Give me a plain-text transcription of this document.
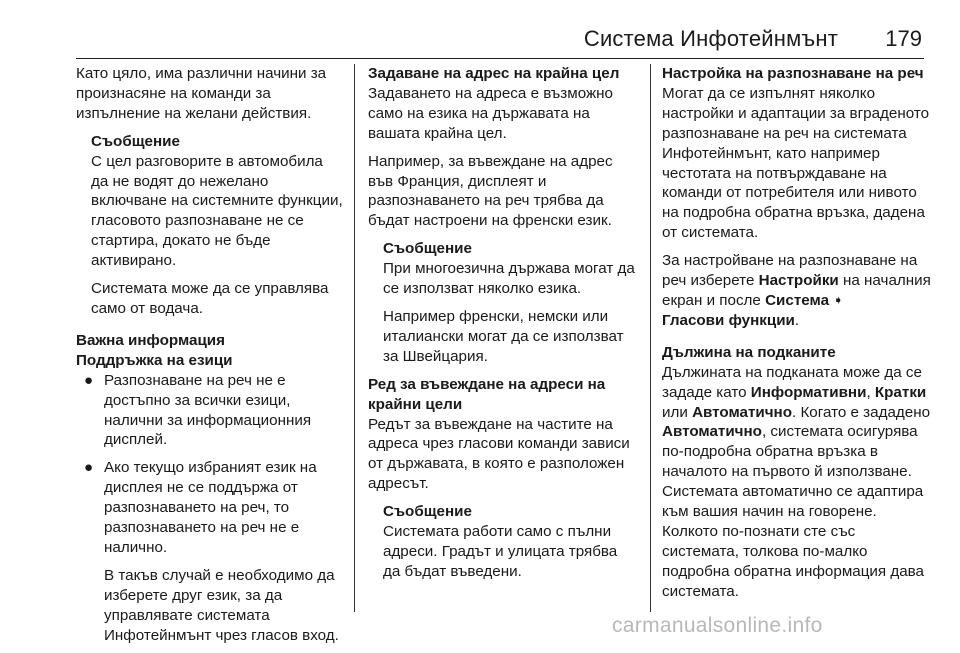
Система Инфотейнмънт 179

Като цяло, има различни начини за произнасяне на команди за изпълнение на желани действия.

Съобщение

С цел разговорите в автомобила да не водят до нежелано включване на системните функции, гласовото разпознаване не се стартира, докато не бъде активирано.

Системата може да се управлява само от водача.

Важна информация

Поддръжка на езици

● Разпознаване на реч не е достъпно за всички езици, налични за информационния дисплей.
● Ако текущо избраният език на дисплея не се поддържа от разпознаването на реч, то разпознаването на реч не е налично.

В такъв случай е необходимо да изберете друг език, за да управлявате системата Инфотейнмънт чрез гласов вход.

Задаване на адрес на крайна цел

Задаването на адреса е възможно само на езика на държавата на вашата крайна цел.

Например, за въвеждане на адрес във Франция, дисплеят и разпознаването на реч трябва да бъдат настроени на френски език.

Съобщение

При многоезична държава могат да се използват няколко езика.

Например френски, немски или италиански могат да се използват за Швейцария.

Ред за въвеждане на адреси на крайни цели

Редът за въвеждане на частите на адреса чрез гласови команди зависи от държавата, в която е разположен адресът.

Съобщение

Системата работи само с пълни адреси. Градът и улицата трябва да бъдат въведени.

Настройка на разпознаване на реч

Могат да се изпълнят няколко настройки и адаптации за вграденото разпознаване на реч на системата Инфотейнмънт, като например честотата на потвърждаване на команди от потребителя или нивото на подробна обратна връзка, дадена от системата.

За настройване на разпознаване на реч изберете Настройки на началния екран и после Система ➧
Гласови функции.

Дължина на подканите

Дължината на подканата може да се зададе като Информативни, Кратки или Автоматично. Когато е зададено Автоматично, системата осигурява по-подробна обратна връзка в началото на първото й използване. Системата автоматично се адаптира към вашия начин на говорене. Колкото по-познати сте със системата, толкова по-малко подробна обратна информация дава системата.

carmanualsonline.info
